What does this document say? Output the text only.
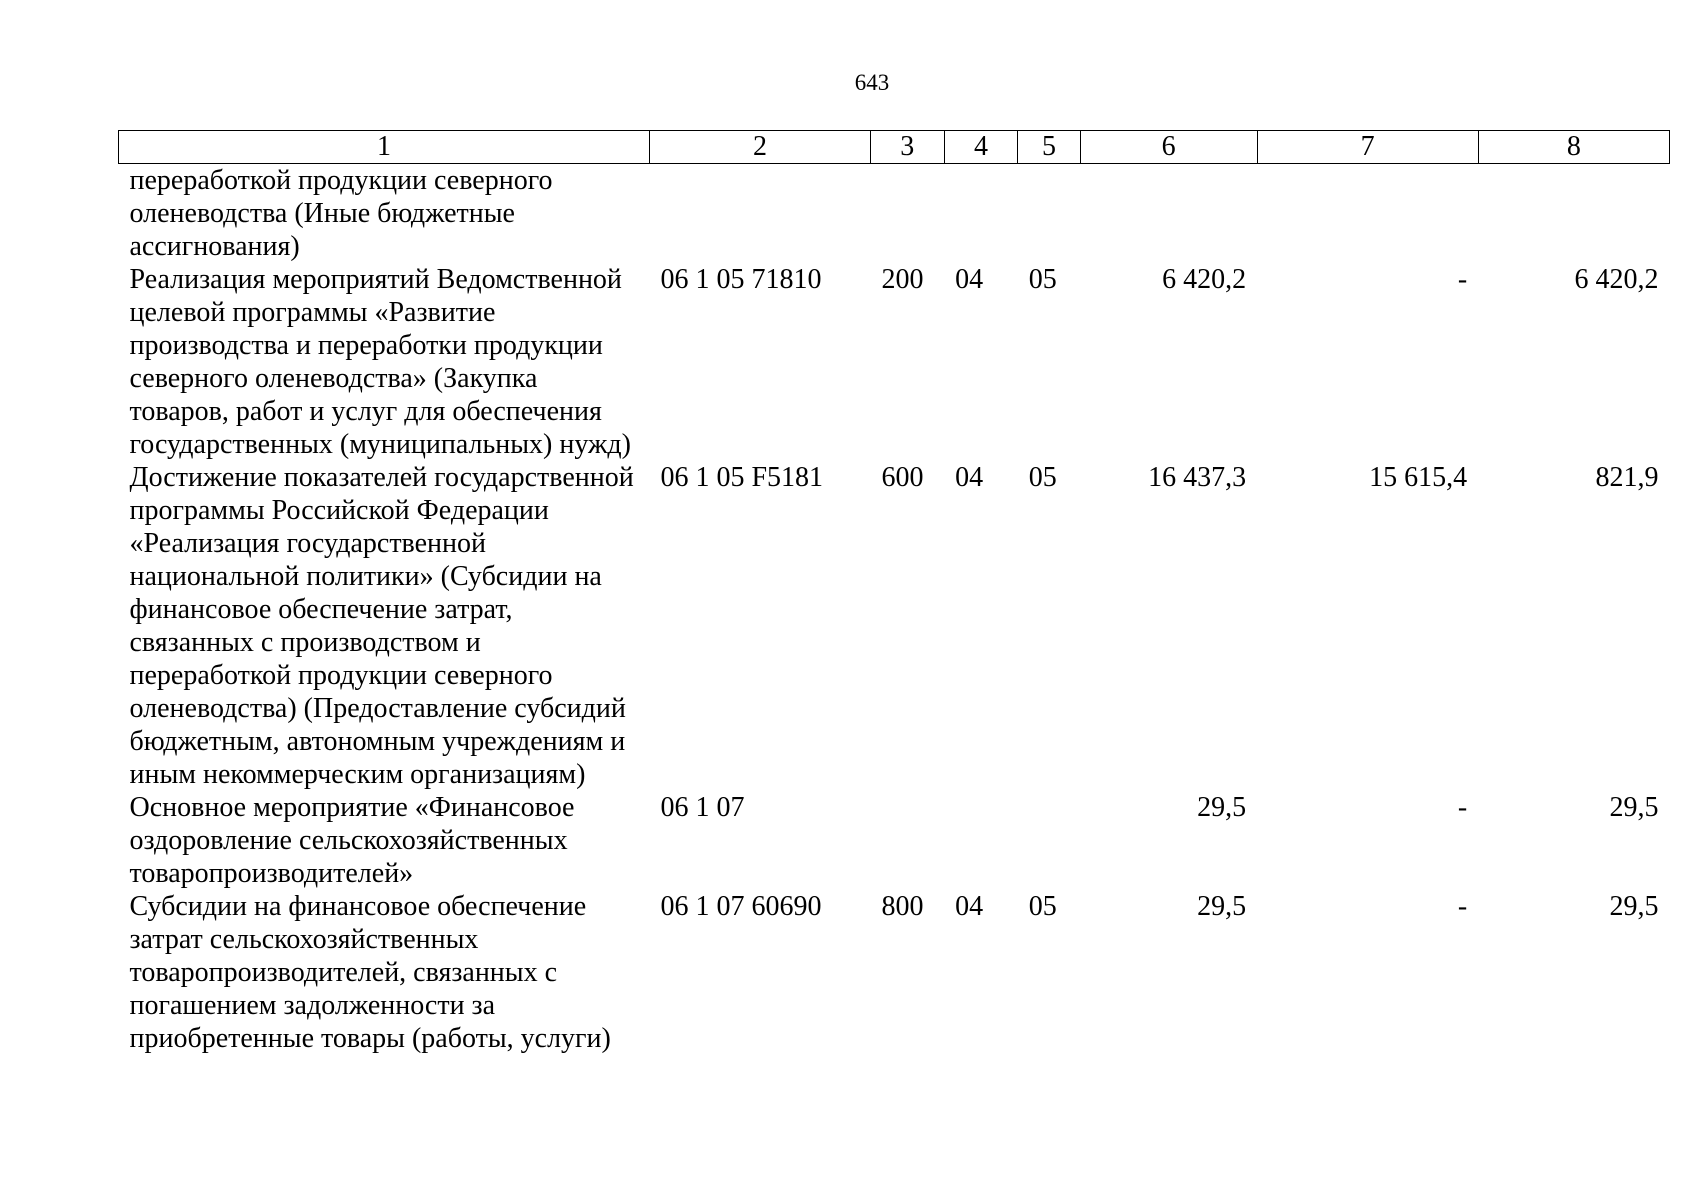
643
1	2	3	4	5	6	7	8
переработкой продукции северного оленеводства (Иные бюджетные ассигнования)							
Реализация мероприятий Ведомственной целевой программы «Развитие производства и переработки продукции северного оленеводства» (Закупка товаров, работ и услуг для обеспечения государственных (муниципальных) нужд)	06 1 05 71810	200	04	05	6 420,2	-	6 420,2
Достижение показателей государственной программы Российской Федерации «Реализация государственной национальной политики» (Субсидии на финансовое обеспечение затрат, связанных с производством и переработкой продукции северного оленеводства) (Предоставление субсидий бюджетным, автономным учреждениям и иным некоммерческим организациям)	06 1 05 F5181	600	04	05	16 437,3	15 615,4	821,9
Основное мероприятие «Финансовое оздоровление сельскохозяйственных товаропроизводителей»	06 1 07				29,5	-	29,5
Субсидии на финансовое обеспечение затрат сельскохозяйственных товаропроизводителей, связанных с погашением задолженности за приобретенные товары (работы, услуги)	06 1 07 60690	800	04	05	29,5	-	29,5
